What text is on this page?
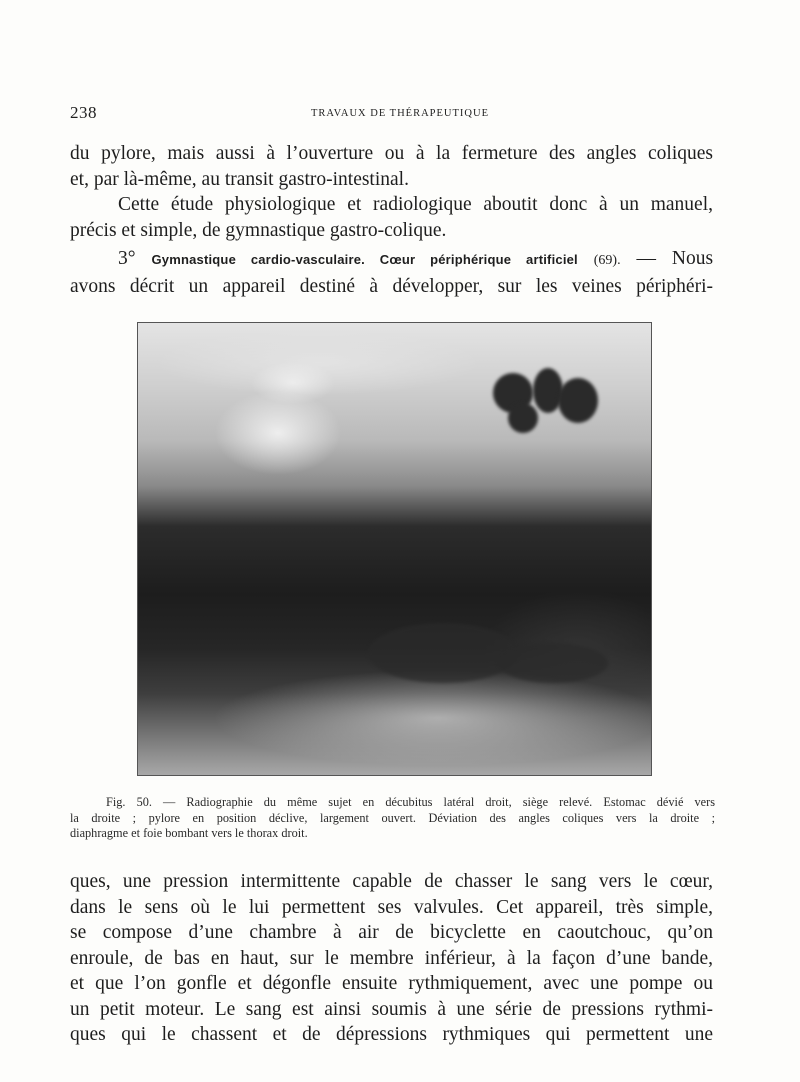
238	TRAVAUX DE THÉRAPEUTIQUE

du pylore, mais aussi à l’ouverture ou à la fermeture des angles coliques
et, par là-même, au transit gastro-intestinal.

Cette étude physiologique et radiologique aboutit donc à un manuel,
précis et simple, de gymnastique gastro-colique.

3° Gymnastique cardio-vasculaire. Cœur périphérique artificiel (69). — Nous
avons décrit un appareil destiné à développer, sur les veines périphéri-

Fig. 50. — Radiographie du même sujet en décubitus latéral droit, siège relevé. Estomac dévié vers
la droite ; pylore en position déclive, largement ouvert. Déviation des angles coliques vers la droite ;
diaphragme et foie bombant vers le thorax droit.

ques, une pression intermittente capable de chasser le sang vers le cœur,
dans le sens où le lui permettent ses valvules. Cet appareil, très simple,
se compose d’une chambre à air de bicyclette en caoutchouc, qu’on
enroule, de bas en haut, sur le membre inférieur, à la façon d’une bande,
et que l’on gonfle et dégonfle ensuite rythmiquement, avec une pompe ou
un petit moteur. Le sang est ainsi soumis à une série de pressions rythmi-
ques qui le chassent et de dépressions rythmiques qui permettent une
